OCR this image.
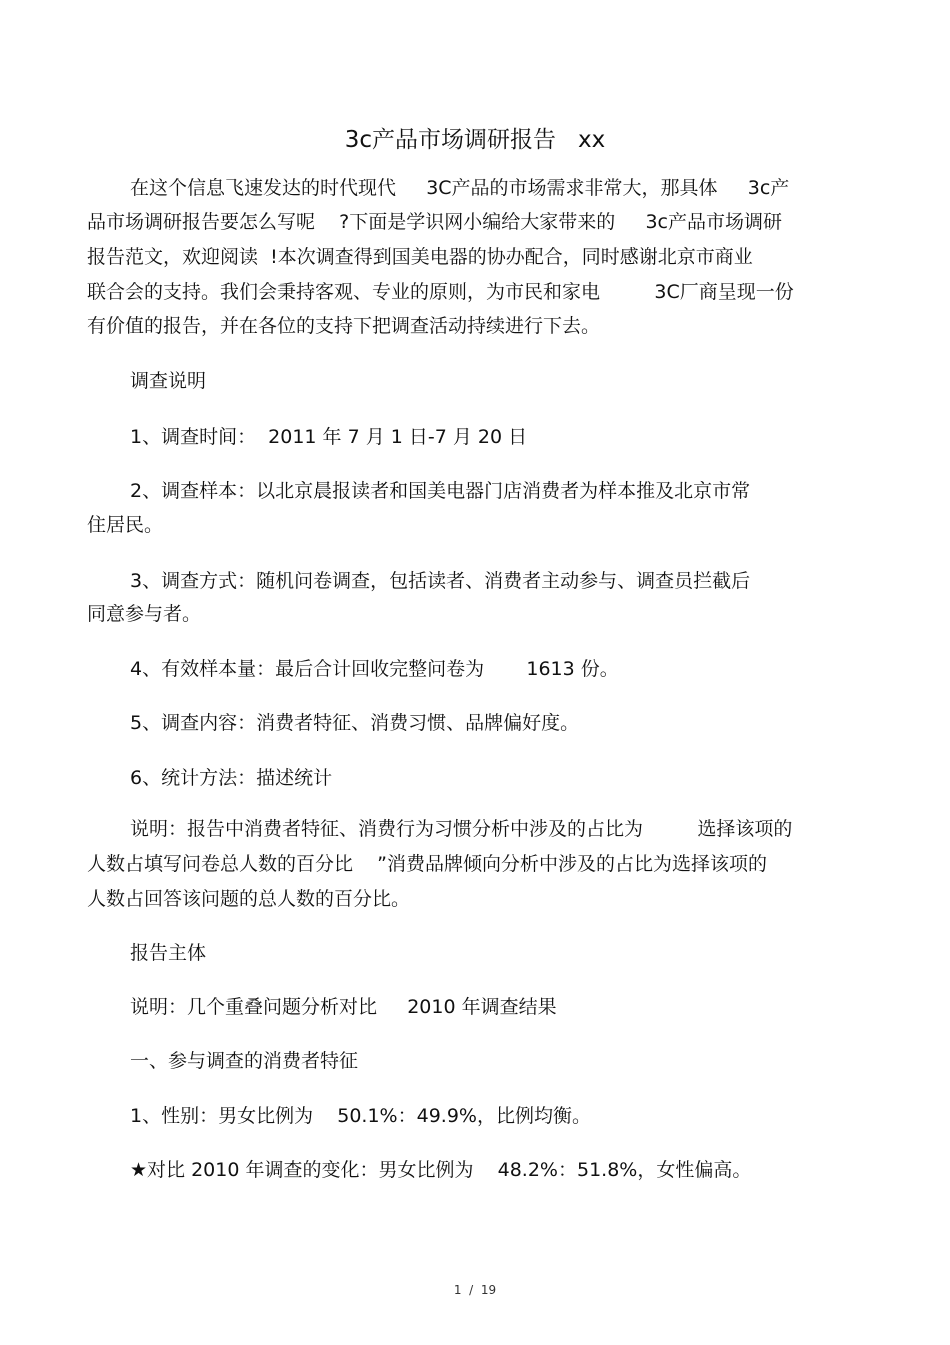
3c产品市场调研报告   xx
在这个信息飞速发达的时代现代     3C产品的市场需求非常大，那具体     3c产
品市场调研报告要怎么写呢    ?下面是学识网小编给大家带来的     3c产品市场调研
报告范文，欢迎阅读  !本次调查得到国美电器的协办配合，同时感谢北京市商业
联合会的支持。我们会秉持客观、专业的原则，为市民和家电         3C厂商呈现一份
有价值的报告，并在各位的支持下把调查活动持续进行下去。
调查说明
1、调查时间：  2011 年 7 月 1 日-7 月 20 日
2、调查样本：以北京晨报读者和国美电器门店消费者为样本推及北京市常
住居民。
3、调查方式：随机问卷调查，包括读者、消费者主动参与、调查员拦截后
同意参与者。
4、有效样本量：最后合计回收完整问卷为       1613 份。
5、调查内容：消费者特征、消费习惯、品牌偏好度。
6、统计方法：描述统计
说明：报告中消费者特征、消费行为习惯分析中涉及的占比为         选择该项的
人数占填写问卷总人数的百分比    ”消费品牌倾向分析中涉及的占比为选择该项的
人数占回答该问题的总人数的百分比。
报告主体
说明：几个重叠问题分析对比     2010 年调查结果
一、参与调查的消费者特征
1、性别：男女比例为    50.1%：49.9%，比例均衡。
★对比 2010 年调查的变化：男女比例为    48.2%：51.8%，女性偏高。
1  /  19
